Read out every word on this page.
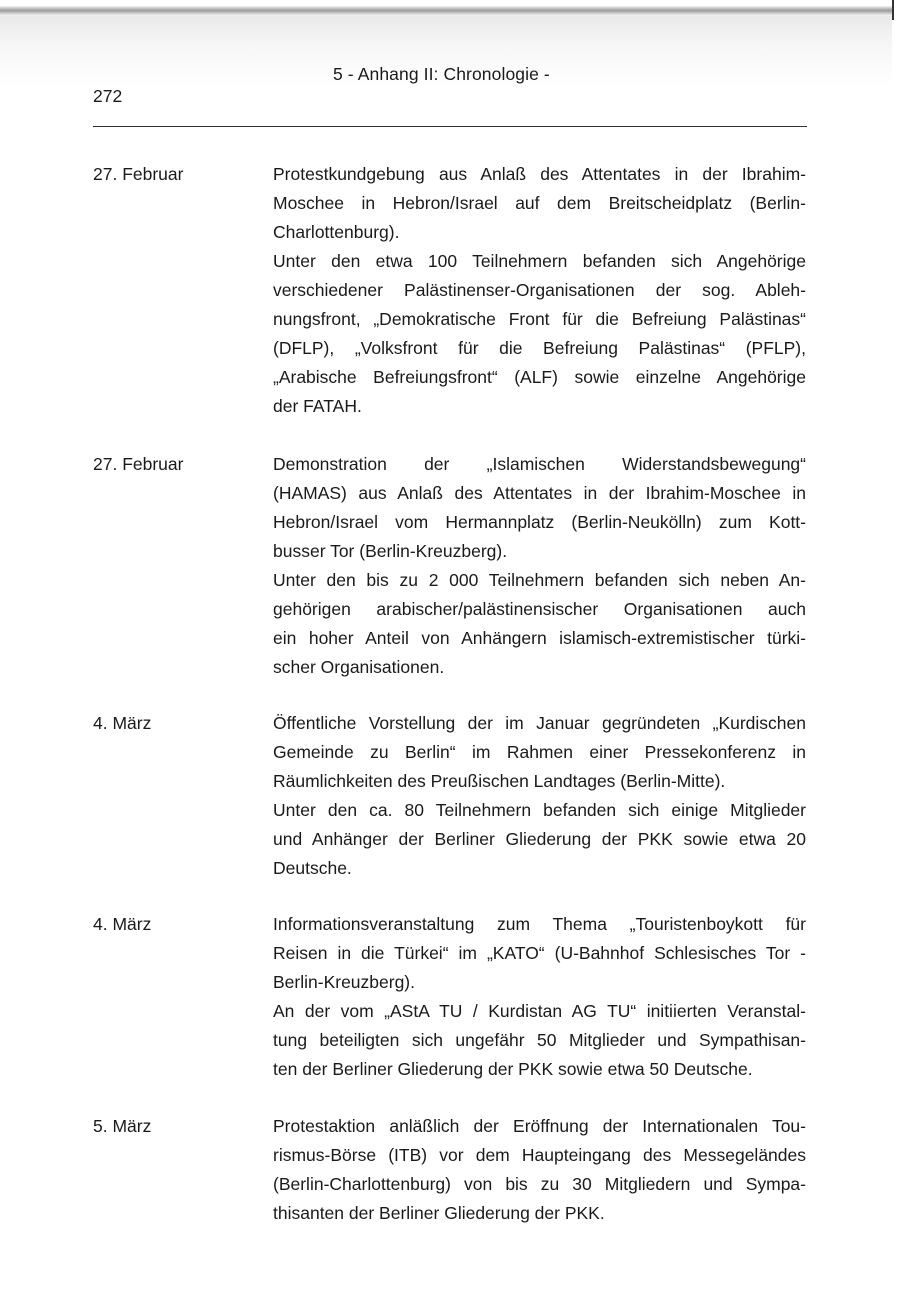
5 - Anhang II: Chronologie -
272
27. Februar	Protestkundgebung aus Anlaß des Attentates in der Ibrahim-
Moschee in Hebron/Israel auf dem Breitscheidplatz (Berlin-
Charlottenburg).
Unter den etwa 100 Teilnehmern befanden sich Angehörige
verschiedener Palästinenser-Organisationen der sog. Ableh-
nungsfront, „Demokratische Front für die Befreiung Palästinas“
(DFLP), „Volksfront für die Befreiung Palästinas“ (PFLP),
„Arabische Befreiungsfront“ (ALF) sowie einzelne Angehörige
der FATAH.
27. Februar	Demonstration der „Islamischen Widerstandsbewegung“
(HAMAS) aus Anlaß des Attentates in der Ibrahim-Moschee in
Hebron/Israel vom Hermannplatz (Berlin-Neukölln) zum Kott-
busser Tor (Berlin-Kreuzberg).
Unter den bis zu 2 000 Teilnehmern befanden sich neben An-
gehörigen arabischer/palästinensischer Organisationen auch
ein hoher Anteil von Anhängern islamisch-extremistischer türki-
scher Organisationen.
4. März	Öffentliche Vorstellung der im Januar gegründeten „Kurdischen
Gemeinde zu Berlin“ im Rahmen einer Pressekonferenz in
Räumlichkeiten des Preußischen Landtages (Berlin-Mitte).
Unter den ca. 80 Teilnehmern befanden sich einige Mitglieder
und Anhänger der Berliner Gliederung der PKK sowie etwa 20
Deutsche.
4. März	Informationsveranstaltung zum Thema „Touristenboykott für
Reisen in die Türkei“ im „KATO“ (U-Bahnhof Schlesisches Tor -
Berlin-Kreuzberg).
An der vom „AStA TU / Kurdistan AG TU“ initiierten Veranstal-
tung beteiligten sich ungefähr 50 Mitglieder und Sympathisan-
ten der Berliner Gliederung der PKK sowie etwa 50 Deutsche.
5. März	Protestaktion anläßlich der Eröffnung der Internationalen Tou-
rismus-Börse (ITB) vor dem Haupteingang des Messegeländes
(Berlin-Charlottenburg) von bis zu 30 Mitgliedern und Sympa-
thisanten der Berliner Gliederung der PKK.
